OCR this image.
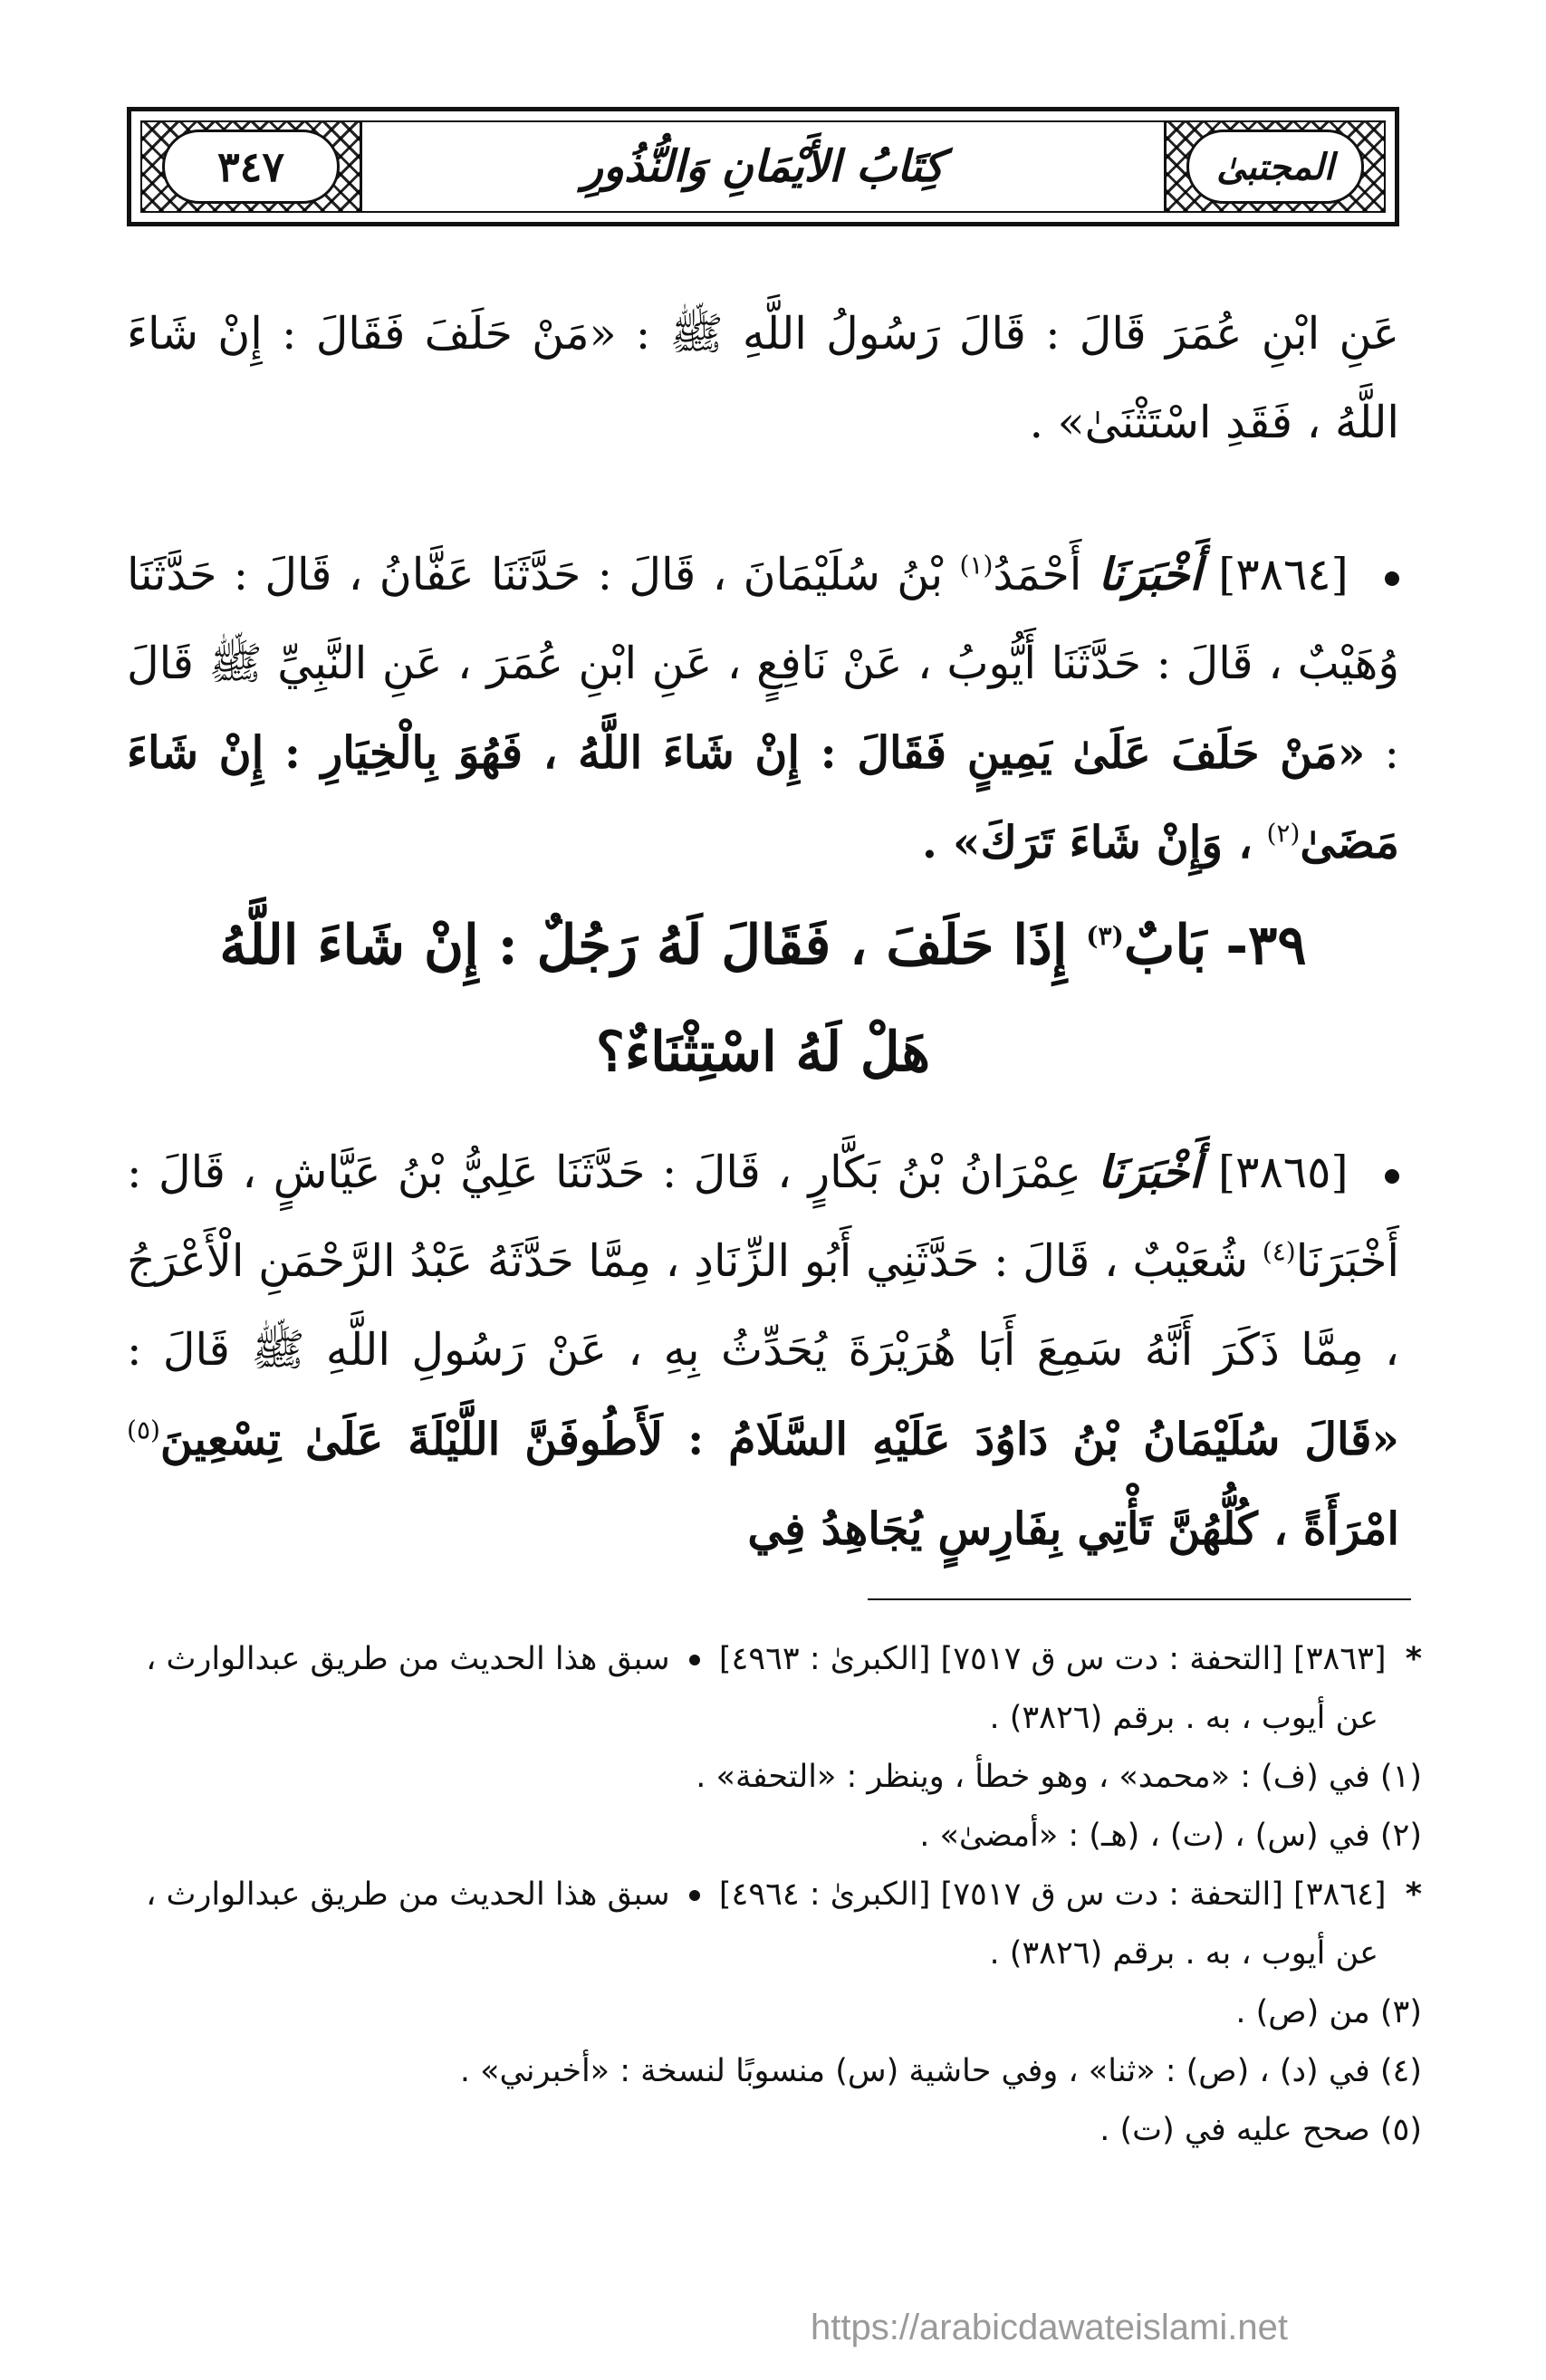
٣٤٧	كِتَابُ الأَيْمَانِ وَالنُّذُورِ	المجتبىٰ
عَنِ ابْنِ عُمَرَ قَالَ : قَالَ رَسُولُ اللَّهِ ﷺ : «مَنْ حَلَفَ فَقَالَ : إِنْ شَاءَ اللَّهُ ، فَقَدِ اسْتَثْنَىٰ» .
[٣٨٦٤] أَخْبَرَنَا أَحْمَدُ$^{(١)}$ بْنُ سُلَيْمَانَ ، قَالَ : حَدَّثَنَا عَفَّانُ ، قَالَ : حَدَّثَنَا وُهَيْبٌ ، قَالَ : حَدَّثَنَا أَيُّوبُ ، عَنْ نَافِعٍ ، عَنِ ابْنِ عُمَرَ ، عَنِ النَّبِيِّ ﷺ قَالَ : «مَنْ حَلَفَ عَلَىٰ يَمِينٍ فَقَالَ : إِنْ شَاءَ اللَّهُ ، فَهُوَ بِالْخِيَارِ : إِنْ شَاءَ مَضَىٰ$^{(٢)}$ ، وَإِنْ شَاءَ تَرَكَ» .
٣٩- بَابٌ$^{(٣)}$ إِذَا حَلَفَ ، فَقَالَ لَهُ رَجُلٌ : إِنْ شَاءَ اللَّهُ
هَلْ لَهُ اسْتِثْنَاءٌ؟
[٣٨٦٥] أَخْبَرَنَا عِمْرَانُ بْنُ بَكَّارٍ ، قَالَ : حَدَّثَنَا عَلِيُّ بْنُ عَيَّاشٍ ، قَالَ : أَخْبَرَنَا$^{(٤)}$ شُعَيْبٌ ، قَالَ : حَدَّثَنِي أَبُو الزِّنَادِ ، مِمَّا حَدَّثَهُ عَبْدُ الرَّحْمَنِ الْأَعْرَجُ ، مِمَّا ذَكَرَ أَنَّهُ سَمِعَ أَبَا هُرَيْرَةَ يُحَدِّثُ بِهِ ، عَنْ رَسُولِ اللَّهِ ﷺ قَالَ : «قَالَ سُلَيْمَانُ بْنُ دَاوُدَ عَلَيْهِ السَّلَامُ : لَأَطُوفَنَّ اللَّيْلَةَ عَلَىٰ تِسْعِينَ$^{(٥)}$ امْرَأَةً ، كُلُّهُنَّ تَأْتِي بِفَارِسٍ يُجَاهِدُ فِي

* [٣٨٦٣] [التحفة : دت س ق ٧٥١٧] [الكبرىٰ : ٤٩٦٣]  سبق هذا الحديث من طريق عبدالوارث ،

عن أيوب ، به . برقم (٣٨٢٦) .

(١) في (ف) : «محمد» ، وهو خطأ ، وينظر : «التحفة» .

(٢) في (س) ، (ت) ، (هـ) : «أمضىٰ» .

* [٣٨٦٤] [التحفة : دت س ق ٧٥١٧] [الكبرىٰ : ٤٩٦٤]  سبق هذا الحديث من طريق عبدالوارث ،

عن أيوب ، به . برقم (٣٨٢٦) .

(٣) من (ص) .

(٤) في (د) ، (ص) : «ثنا» ، وفي حاشية (س) منسوبًا لنسخة : «أخبرني» .

(٥) صحح عليه في (ت) .

https://arabicdawateislami.net
